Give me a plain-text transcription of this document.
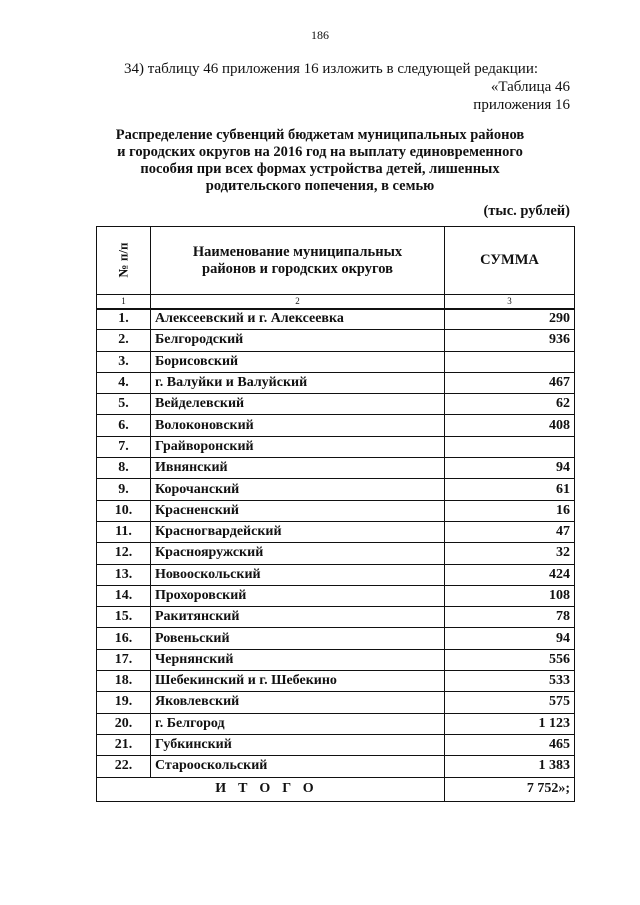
186
34) таблицу 46 приложения 16 изложить в следующей редакции:
«Таблица 46
приложения 16
Распределение субвенций бюджетам муниципальных районов
и городских округов на 2016 год на выплату единовременного
пособия при всех формах устройства детей, лишенных
родительского попечения, в семью
(тыс. рублей)
№ п/п	Наименование муниципальных
районов и городских округов	СУММА
1	2	3
1.	Алексеевский и г. Алексеевка	290
2.	Белгородский	936
3.	Борисовский	
4.	г. Валуйки и Валуйский	467
5.	Вейделевский	62
6.	Волоконовский	408
7.	Грайворонский	
8.	Ивнянский	94
9.	Корочанский	61
10.	Красненский	16
11.	Красногвардейский	47
12.	Краснояружский	32
13.	Новооскольский	424
14.	Прохоровский	108
15.	Ракитянский	78
16.	Ровеньский	94
17.	Чернянский	556
18.	Шебекинский и г. Шебекино	533
19.	Яковлевский	575
20.	г. Белгород	1 123
21.	Губкинский	465
22.	Старооскольский	1 383
ИТОГО		7 752»;
